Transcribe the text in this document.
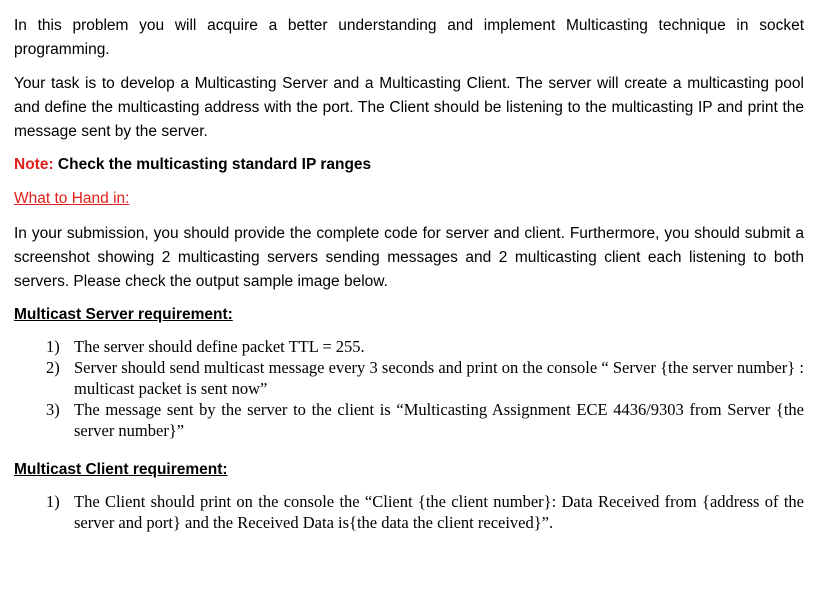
In this problem you will acquire a better understanding and implement Multicasting technique in socket programming.

Your task is to develop a Multicasting Server and a Multicasting Client. The server will create a multicasting pool and define the multicasting address with the port. The Client should be listening to the multicasting IP and print the message sent by the server.

Note: Check the multicasting standard IP ranges

What to Hand in:

In your submission, you should provide the complete code for server and client. Furthermore, you should submit a screenshot showing 2 multicasting servers sending messages and 2 multicasting client each listening to both servers. Please check the output sample image below.

Multicast Server requirement:

1) The server should define packet TTL = 255.
2) Server should send multicast message every 3 seconds and print on the console “ Server {the server number} : multicast packet is sent now”
3) The message sent by the server to the client is “Multicasting Assignment ECE 4436/9303 from Server {the server number}”

Multicast Client requirement:

1) The Client should print on the console the “Client {the client number}: Data Received from {address of the server and port} and the Received Data is{the data the client received}”.
